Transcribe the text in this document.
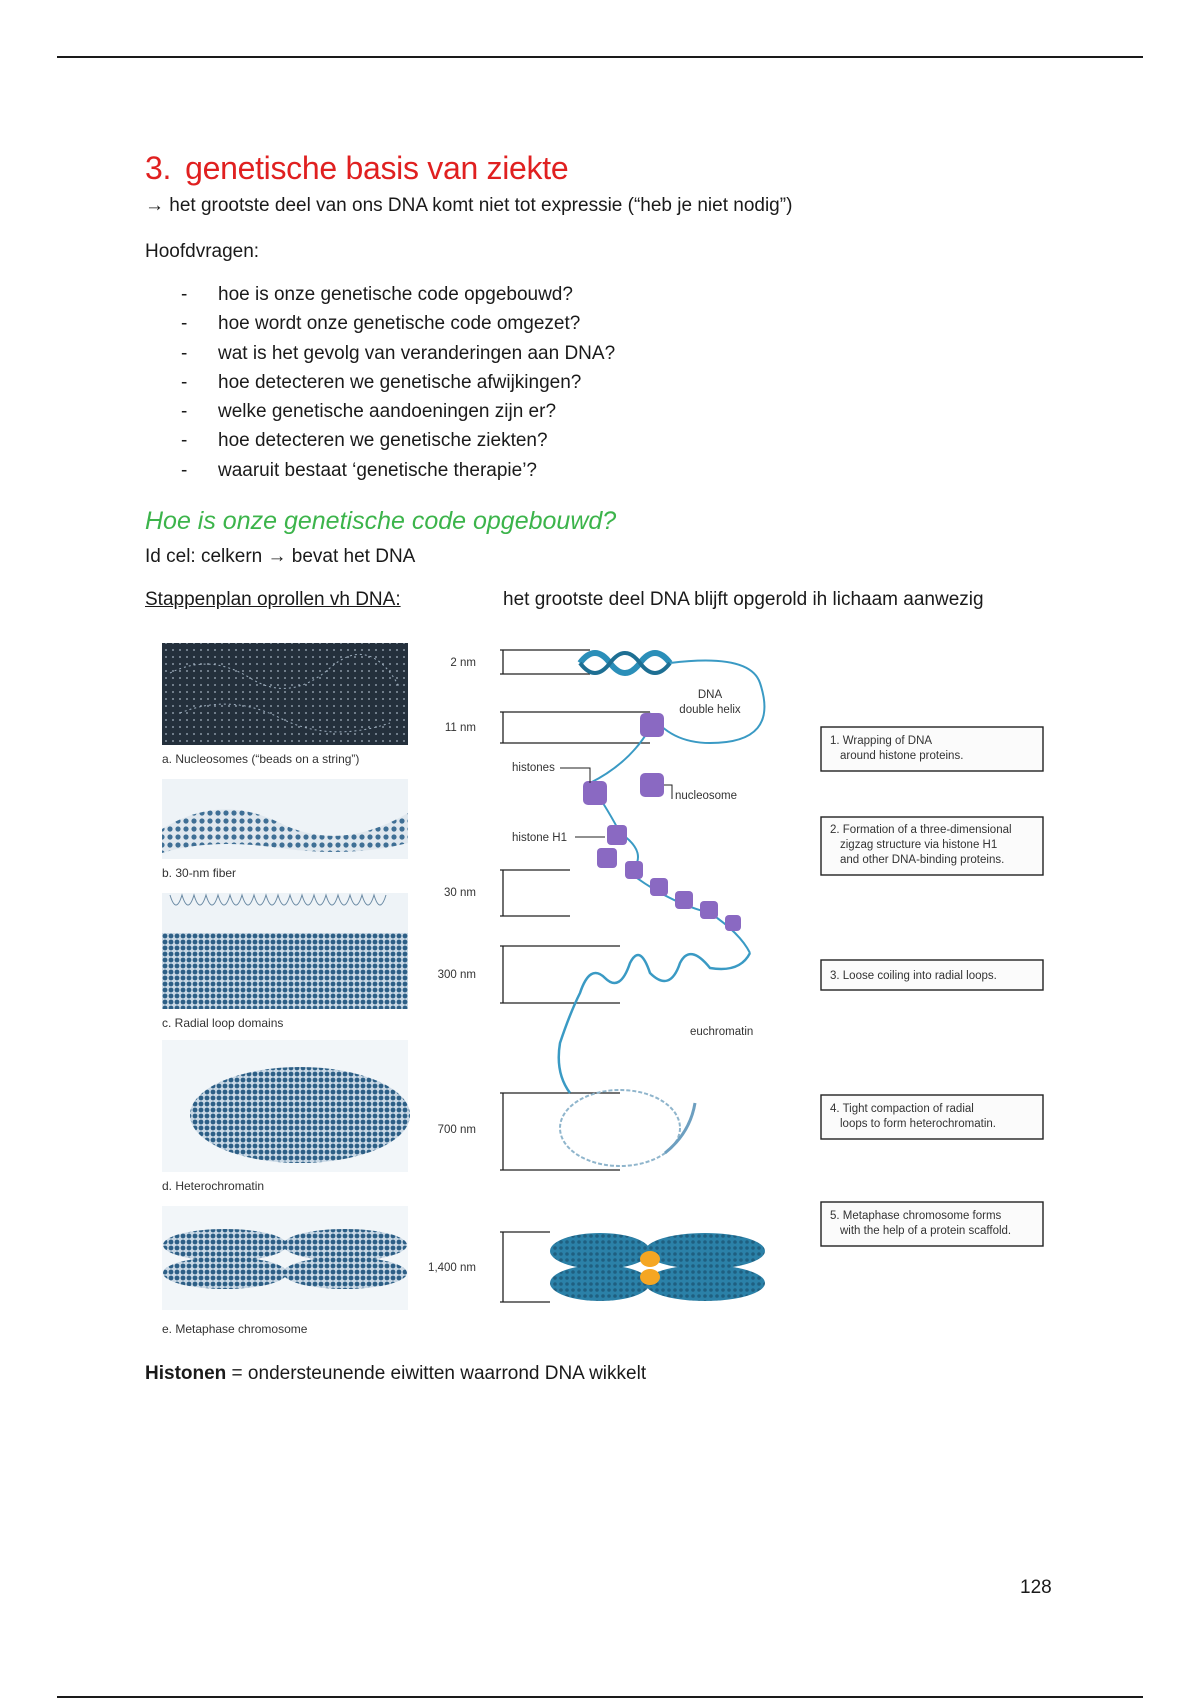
3. genetische basis van ziekte
→ het grootste deel van ons DNA komt niet tot expressie (“heb je niet nodig”)
Hoofdvragen:
- hoe is onze genetische code opgebouwd?
- hoe wordt onze genetische code omgezet?
- wat is het gevolg van veranderingen aan DNA?
- hoe detecteren we genetische afwijkingen?
- welke genetische aandoeningen zijn er?
- hoe detecteren we genetische ziekten?
- waaruit bestaat ‘genetische therapie’?
Hoe is onze genetische code opgebouwd?
Id cel: celkern → bevat het DNA
Stappenplan oprollen vh DNA:	het grootste deel DNA blijft opgerold ih lichaam aanwezig
a. Nucleosomes (“beads on a string”)
b. 30-nm fiber
c. Radial loop domains
d. Heterochromatin
e. Metaphase chromosome
2 nm
11 nm
30 nm
300 nm
700 nm
1,400 nm
DNA
double helix
histones
nucleosome
histone H1
euchromatin
1. Wrapping of DNA
around histone proteins.
2. Formation of a three-dimensional
zigzag structure via histone H1
and other DNA-binding proteins.
3. Loose coiling into radial loops.
4. Tight compaction of radial
loops to form heterochromatin.
5. Metaphase chromosome forms
with the help of a protein scaffold.
Histonen = ondersteunende eiwitten waarrond DNA wikkelt
128
